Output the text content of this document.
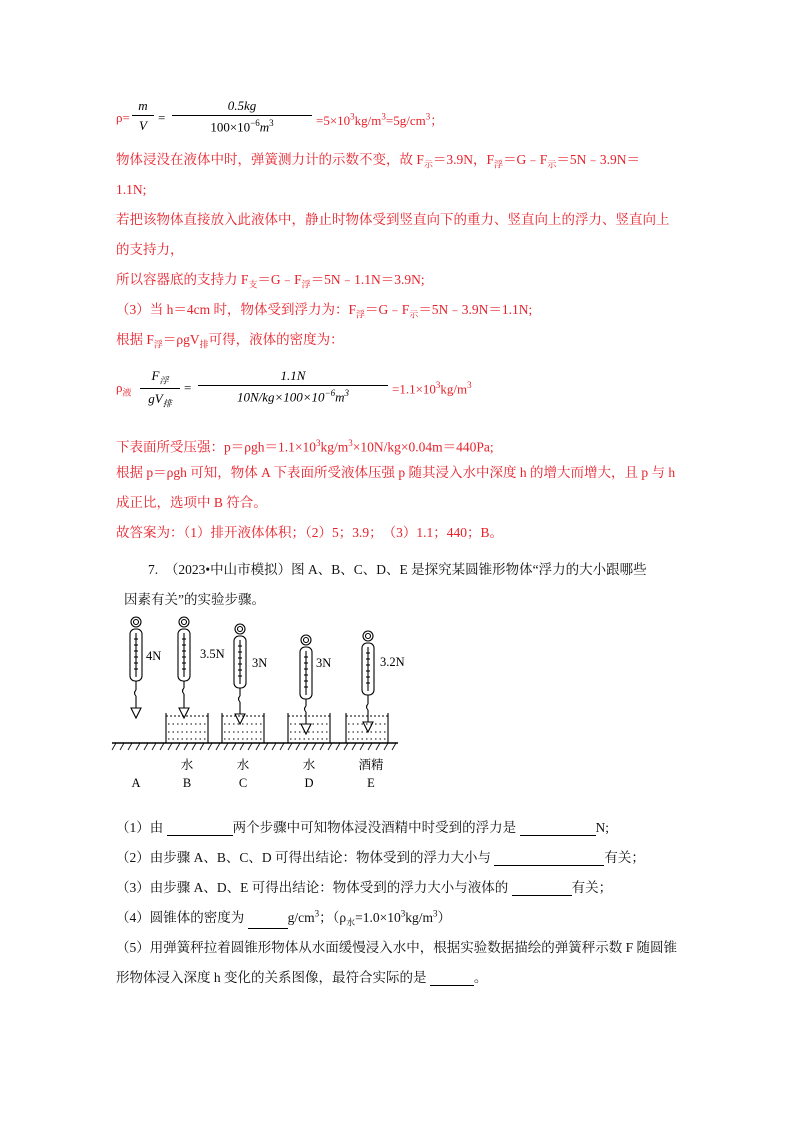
$\rho= \frac{m}{V} = \frac{0.5kg}{100\times 10^{-6}m^3} =5\times 10^3kg/m^3=5g/cm^3$；
物体浸没在液体中时，弹簧测力计的示数不变，故 $F_示=3.9N$，$F_浮=G﹣F_示=5N﹣3.9N=$
1.1N;
若把该物体直接放入此液体中，静止时物体受到竖直向下的重力、竖直向上的浮力、竖直向上
的支持力，
所以容器底的支持力 $F_支=G﹣F_浮=5N﹣1.1N=3.9N$;
（3）当 h＝4cm 时，物体受到浮力为：$F_浮=G﹣F_示=5N﹣3.9N=1.1N$;
根据 $F_浮=\rho gV_排$可得，液体的密度为：
$\rho_液$
$F_浮$
$gV_排$
= $\frac{1.1N}{10N/kg\times 100\times 10^{-6}m^3} =1.1\times 10^3kg/m^3$
下表面所受压强：$p=\rho gh=1.1\times 10^3kg/m^3\times 10N/kg\times 0.04m=440Pa$;
根据 p＝ρgh 可知，物体 A 下表面所受液体压强 p 随其浸入水中深度 h 的增大而增大，且 p 与 h
成正比，选项中 B 符合。
故答案为：（1）排开液体体积；（2）5；3.9；　（3）1.1；440；B。
7.　（2023•中山市模拟）图 A、B、C、D、E 是探究某圆锥形物体“浮力的大小跟哪些
因素有关”的实验步骤。
4N	3.5N
3N	3N	3.2N
水	水	水	酒精
A	B	C	D	E
（1）由	两个步骤中可知物体浸没酒精中时受到的浮力是	N;
（2）由步骤 A、B、C、D 可得出结论：物体受到的浮力大小与	有关；
（3）由步骤 A、D、E 可得出结论：物体受到的浮力大小与液体的	有关；
（4）圆锥体的密度为	$g/cm^3$；$(\rho_水=1.0\times 10^3kg/m^3)$
（5）用弹簧秤拉着圆锥形物体从水面缓慢浸入水中，根据实验数据描绘的弹簧秤示数 F 随圆锥
形物体浸入深度 h 变化的关系图像，最符合实际的是	。
